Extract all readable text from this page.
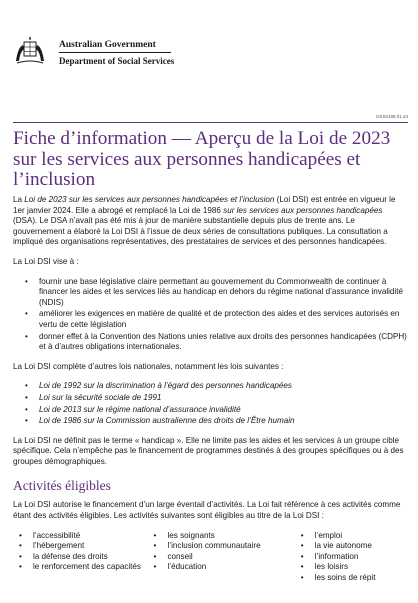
Australian Government
Department of Social Services
DSS0188.01.24
Fiche d’information — Aperçu de la Loi de 2023 sur les services aux personnes handicapées et l’inclusion

La Loi de 2023 sur les services aux personnes handicapées et l’inclusion (Loi DSI) est entrée en vigueur le 1er janvier 2024. Elle a abrogé et remplacé la Loi de 1986 sur les services aux personnes handicapées (DSA). Le DSA n’avait pas été mis à jour de manière substantielle depuis plus de trente ans. Le gouvernement a élaboré la Loi DSI à l’issue de deux séries de consultations publiques. La consultation a impliqué des organisations représentatives, des prestataires de services et des personnes handicapées.

La Loi DSI vise à :

• fournir une base législative claire permettant au gouvernement du Commonwealth de continuer à financer les aides et les services liés au handicap en dehors du régime national d’assurance invalidité (NDIS)
• améliorer les exigences en matière de qualité et de protection des aides et des services autorisés en vertu de cette législation
• donner effet à la Convention des Nations unies relative aux droits des personnes handicapées (CDPH) et à d’autres obligations internationales.

La Loi DSI complète d’autres lois nationales, notamment les lois suivantes :

• Loi de 1992 sur la discrimination à l’égard des personnes handicapées
• Loi sur la sécurité sociale de 1991
• Loi de 2013 sur le régime national d’assurance invalidité
• Loi de 1986 sur la Commission australienne des droits de l’Être humain

La Loi DSI ne définit pas le terme « handicap ». Elle ne limite pas les aides et les services à un groupe cible spécifique. Cela n’empêche pas le financement de programmes destinés à des groupes spécifiques ou à des groupes démographiques.

Activités éligibles

La Loi DSI autorise le financement d’un large éventail d’activités. La Loi fait référence à ces activités comme étant des activités éligibles. Les activités suivantes sont éligibles au titre de la Loi DSI :

• l’accessibilité
• l’hébergement
• la défense des droits
• le renforcement des capacités
• les soignants
• l’inclusion communautaire
• conseil
• l’éducation
• l’emploi
• la vie autonome
• l’information
• les loisirs
• les soins de répit
